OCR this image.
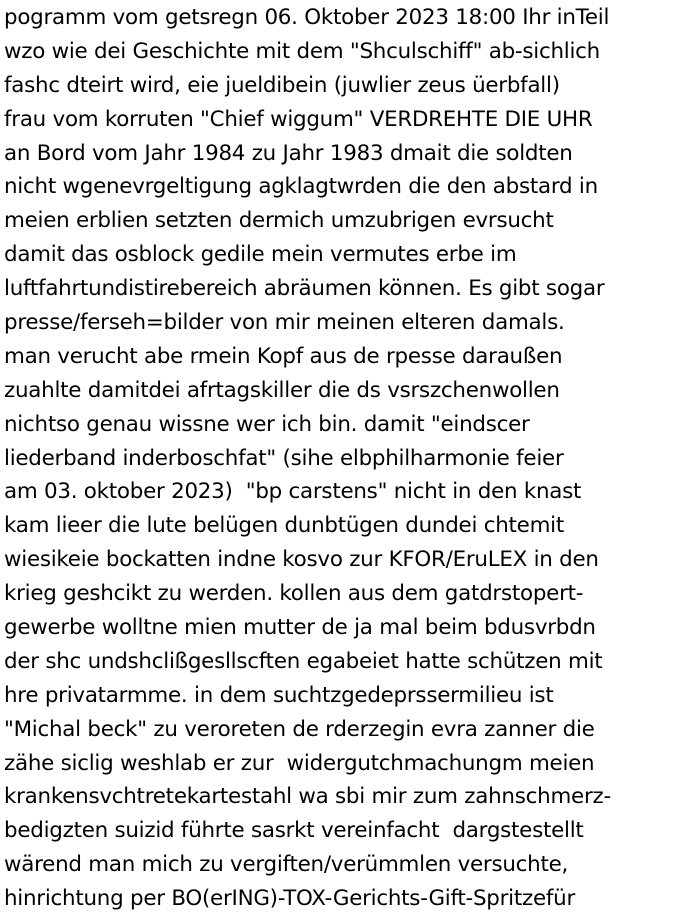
pogramm vom getsregn 06. Oktober 2023 18:00 Ihr inTeil
wzo wie dei Geschichte mit dem "Shculschiff" ab-sichlich
fashc dteirt wird, eie jueldibein (juwlier zeus üerbfall)
frau vom korruten "Chief wiggum" VERDREHTE DIE UHR
an Bord vom Jahr 1984 zu Jahr 1983 dmait die soldten
nicht wgenevrgeltigung agklagtwrden die den abstard in
meien erblien setzten dermich umzubrigen evrsucht
damit das osblock gedile mein vermutes erbe im
luftfahrtundistirebereich abräumen können. Es gibt sogar
presse/ferseh=bilder von mir meinen elteren damals.
man verucht abe rmein Kopf aus de rpesse daraußen
zuahlte damitdei afrtagskiller die ds vsrszchenwollen
nichtso genau wissne wer ich bin. damit "eindscer
liederband inderboschfat" (sihe elbphilharmonie feier
am 03. oktober 2023)  "bp carstens" nicht in den knast
kam lieer die lute belügen dunbtügen dundei chtemit
wiesikeie bockatten indne kosvo zur KFOR/EruLEX in den
krieg geshcikt zu werden. kollen aus dem gatdrstopert-
gewerbe wolltne mien mutter de ja mal beim bdusvrbdn
der shc undshclißgesllscften egabeiet hatte schützen mit
hre privatarmme. in dem suchtzgedeprssermilieu ist
"Michal beck" zu veroreten de rderzegin evra zanner die
zähe siclig weshlab er zur  widergutchmachungm meien
krankensvchtretekartestahl wa sbi mir zum zahnschmerz-
bedigzten suizid führte sasrkt vereinfacht  dargstestellt
wärend man mich zu vergiften/verümmlen versuchte,
hinrichtung per BO(erING)-TOX-Gerichts-Gift-Spritzefür
